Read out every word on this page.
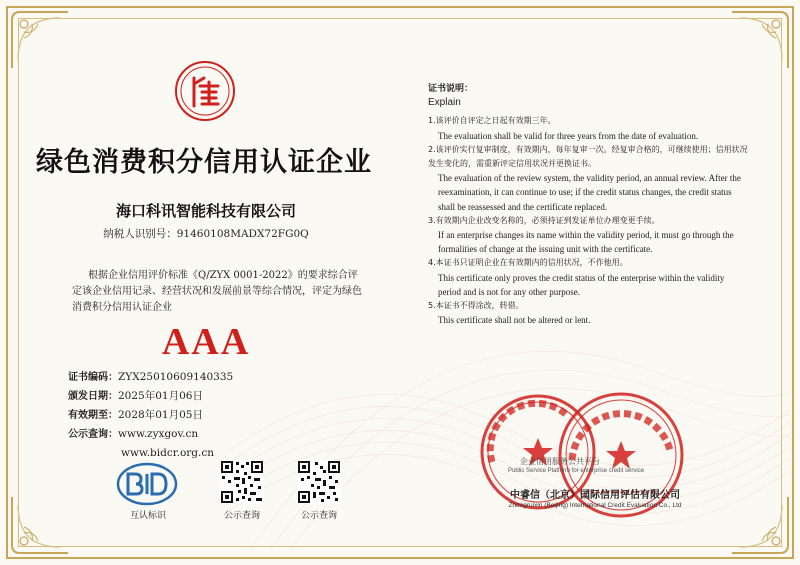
绿色消费积分信用认证企业
海口科讯智能科技有限公司
纳税人识别号：91460108MADX72FG0Q
根据企业信用评价标准《Q/ZYX 0001-2022》的要求综合评定该企业信用记录、经营状况和发展前景等综合情况，评定为绿色消费积分信用认证企业
AAA
证书编码：ZYX25010609140335
颁发日期：2025年01月06日
有效期至：2028年01月05日
公示查询：www.zyxgov.cn
www.bidcr.org.cn
互认标识	公示查询	公示查询
证书说明：
Explain
1.该评价自评定之日起有效期三年。
The evaluation shall be valid for three years from the date of evaluation.
2.该评价实行复审制度，有效期内，每年复审一次。经复审合格的，可继续使用；信用状况发生变化的，需重新评定信用状况并更换证书。
The evaluation of the review system, the validity period, an annual review. After the reexamination, it can continue to use; if the credit status changes, the credit status shall be reassessed and the certificate replaced.
3.有效期内企业改变名称的，必须持证到发证单位办理变更手续。
If an enterprise changes its name within the validity period, it must go through the formalities of change at the issuing unit with the certificate.
4.本证书只证明企业在有效期内的信用状况，不作他用。
This certificate only proves the credit status of the enterprise within the validity period and is not for any other purpose.
5.本证书不得涂改，转借。
This certificate shall not be altered or lent.
企业信用服务公共平台
Public Service Platform for enterprise credit service
中睿信（北京）国际信用评估有限公司
Zhongruixin (Beijing) International Credit Evaluation Co., Ltd
